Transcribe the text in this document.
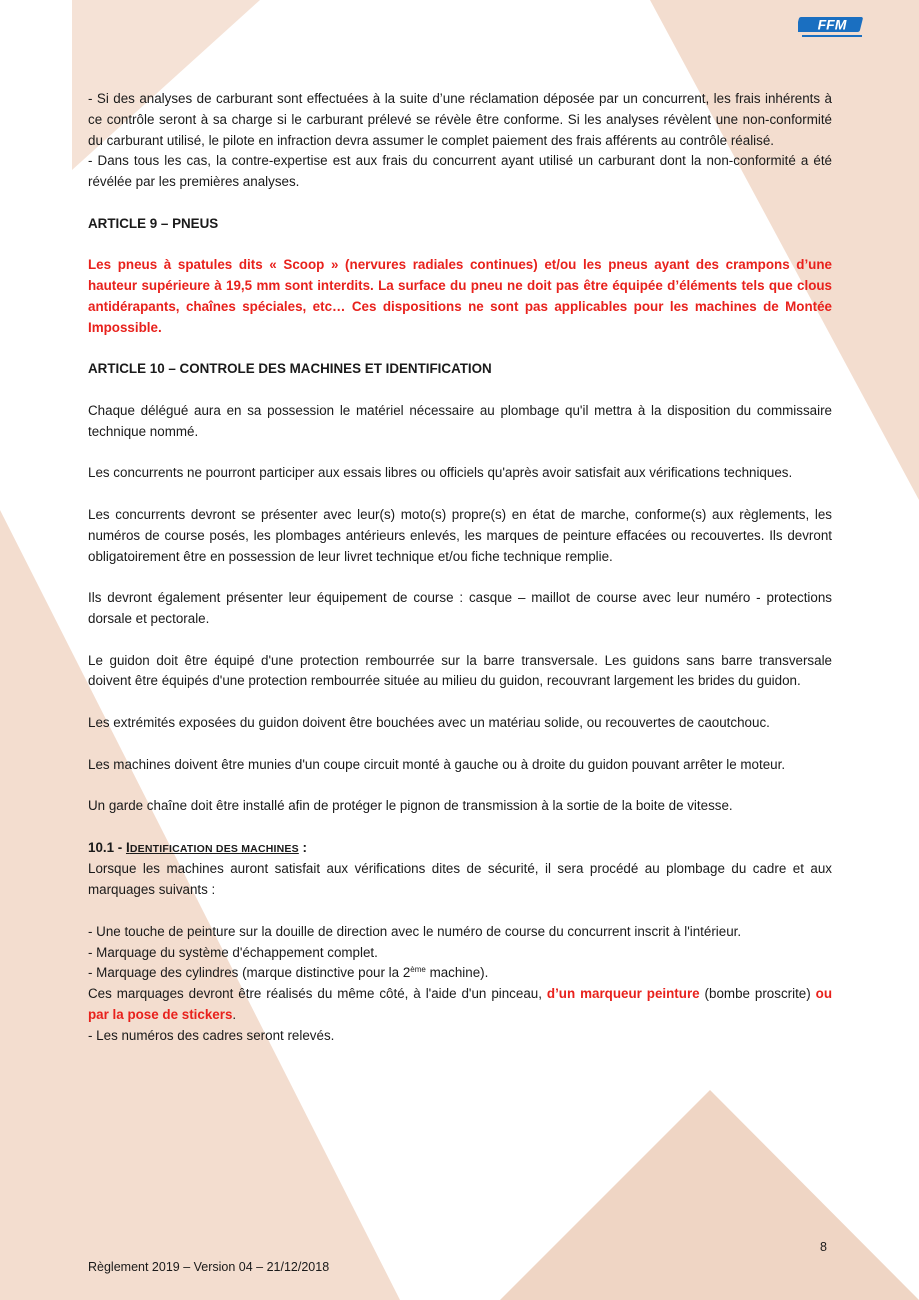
FFM

- Si des analyses de carburant sont effectuées à la suite d’une réclamation déposée par un concurrent, les frais inhérents à ce contrôle seront à sa charge si le carburant prélevé se révèle être conforme. Si les analyses révèlent une non-conformité du carburant utilisé, le pilote en infraction devra assumer le complet paiement des frais afférents au contrôle réalisé.

- Dans tous les cas, la contre-expertise est aux frais du concurrent ayant utilisé un carburant dont la non-conformité a été révélée par les premières analyses.

ARTICLE 9 – PNEUS

Les pneus à spatules dits « Scoop » (nervures radiales continues) et/ou les pneus ayant des crampons d’une hauteur supérieure à 19,5 mm sont interdits. La surface du pneu ne doit pas être équipée d’éléments tels que clous antidérapants, chaînes spéciales, etc… Ces dispositions ne sont pas applicables pour les machines de Montée Impossible.

ARTICLE 10 – CONTROLE DES MACHINES ET IDENTIFICATION

Chaque délégué aura en sa possession le matériel nécessaire au plombage qu'il mettra à la disposition du commissaire technique nommé.

Les concurrents ne pourront participer aux essais libres ou officiels qu'après avoir satisfait aux vérifications techniques.

Les concurrents devront se présenter avec leur(s) moto(s) propre(s) en état de marche, conforme(s) aux règlements, les numéros de course posés, les plombages antérieurs enlevés, les marques de peinture effacées ou recouvertes. Ils devront obligatoirement être en possession de leur livret technique et/ou fiche technique remplie.

Ils devront également présenter leur équipement de course : casque – maillot de course avec leur numéro - protections dorsale et pectorale.

Le guidon doit être équipé d'une protection rembourrée sur la barre transversale. Les guidons sans barre transversale doivent être équipés d'une protection rembourrée située au milieu du guidon, recouvrant largement les brides du guidon.

Les extrémités exposées du guidon doivent être bouchées avec un matériau solide, ou recouvertes de caoutchouc.

Les machines doivent être munies d'un coupe circuit monté à gauche ou à droite du guidon pouvant arrêter le moteur.

Un garde chaîne doit être installé afin de protéger le pignon de transmission à la sortie de la boite de vitesse.

10.1 - IDENTIFICATION DES MACHINES :

Lorsque les machines auront satisfait aux vérifications dites de sécurité, il sera procédé au plombage du cadre et aux marquages suivants :

- Une touche de peinture sur la douille de direction avec le numéro de course du concurrent inscrit à l'intérieur.

- Marquage du système d'échappement complet.

- Marquage des cylindres (marque distinctive pour la 2ème machine).

Ces marquages devront être réalisés du même côté, à l'aide d'un pinceau, d’un marqueur peinture (bombe proscrite) ou par la pose de stickers.

- Les numéros des cadres seront relevés.

8
Règlement 2019 – Version 04 – 21/12/2018
